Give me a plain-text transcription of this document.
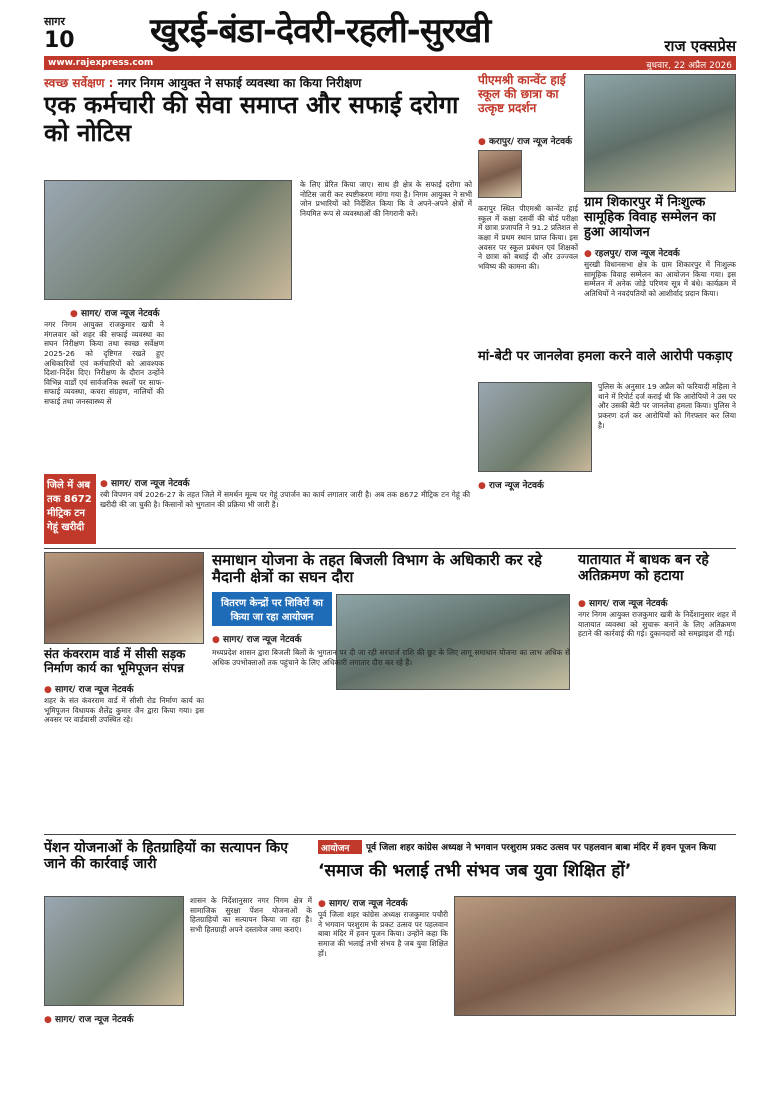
सागर
10 खुरई-बंडा-देवरी-रहली-सुरखी	राज एक्सप्रेस
बुधवार, 22 अप्रैल 2026
www.rajexpress.com
स्वच्छ सर्वेक्षण : नगर निगम आयुक्त ने सफाई व्यवस्था का किया निरीक्षण
एक कर्मचारी की सेवा समाप्त और सफाई दरोगा को नोटिस
● सागर/ राज न्यूज नेटवर्क
नगर निगम आयुक्त राजकुमार खत्री ने मंगलवार को शहर की सफाई व्यवस्था का सघन निरीक्षण किया तथा स्वच्छ सर्वेक्षण 2025-26 को दृष्टिगत रखते हुए अधिकारियों एवं कर्मचारियों को आवश्यक दिशा-निर्देश दिए। निरीक्षण के दौरान उन्होंने विभिन्न वार्डों एवं सार्वजनिक स्थलों पर साफ-सफाई व्यवस्था, कचरा संग्रहण, नालियों की सफाई तथा जनस्वास्थ्य से
के लिए प्रेरित किया जाए। साथ ही क्षेत्र के सफाई दरोगा को नोटिस जारी कर स्पष्टीकरण मांगा गया है। निगम आयुक्त ने सभी जोन प्रभारियों को निर्देशित किया कि वे अपने-अपने क्षेत्रों में नियमित रूप से व्यवस्थाओं की निगरानी करें।
पीएमश्री कान्वेंट हाई स्कूल की छात्रा का उत्कृष्ट प्रदर्शन
● करापुर/ राज न्यूज नेटवर्क
करापुर स्थित पीएमश्री कान्वेंट हाई स्कूल में कक्षा दसवीं की बोर्ड परीक्षा में छात्रा प्रजापति ने 91.2 प्रतिशत से कक्षा में प्रथम स्थान प्राप्त किया। इस अवसर पर स्कूल प्रबंधन एवं शिक्षकों ने छात्रा को बधाई दी और उज्ज्वल भविष्य की कामना की।
ग्राम शिकारपुर में निःशुल्क सामूहिक विवाह सम्मेलन का हुआ आयोजन
● रहलपुर/ राज न्यूज नेटवर्क
सुरखी विधानसभा क्षेत्र के ग्राम शिकारपुर में निःशुल्क सामूहिक विवाह सम्मेलन का आयोजन किया गया। इस सम्मेलन में अनेक जोड़े परिणय सूत्र में बंधे। कार्यक्रम में अतिथियों ने नवदंपतियों को आशीर्वाद प्रदान किया।
मां-बेटी पर जानलेवा हमला करने वाले आरोपी पकड़ाए
● राज न्यूज नेटवर्क
पुलिस के अनुसार 19 अप्रैल को फरियादी महिला ने थाने में रिपोर्ट दर्ज कराई थी कि आरोपियों ने उस पर और उसकी बेटी पर जानलेवा हमला किया। पुलिस ने प्रकरण दर्ज कर आरोपियों को गिरफ्तार कर लिया है।
जिले में अब तक 8672 मीट्रिक टन गेहूं खरीदी
● सागर/ राज न्यूज नेटवर्क
रबी विपणन वर्ष 2026-27 के तहत जिले में समर्थन मूल्य पर गेहूं उपार्जन का कार्य लगातार जारी है। अब तक 8672 मीट्रिक टन गेहूं की खरीदी की जा चुकी है। किसानों को भुगतान की प्रक्रिया भी जारी है।
संत कंवरराम वार्ड में सीसी सड़क निर्माण कार्य का भूमिपूजन संपन्न
● सागर/ राज न्यूज नेटवर्क
शहर के संत कंवरराम वार्ड में सीसी रोड निर्माण कार्य का भूमिपूजन विधायक शैलेंद्र कुमार जैन द्वारा किया गया। इस अवसर पर वार्डवासी उपस्थित रहे।
समाधान योजना के तहत बिजली विभाग के अधिकारी कर रहे मैदानी क्षेत्रों का सघन दौरा
वितरण केन्द्रों पर शिविरों का किया जा रहा आयोजन
● सागर/ राज न्यूज नेटवर्क
मध्यप्रदेश शासन द्वारा बिजली बिलों के भुगतान पर दी जा रही सरचार्ज राशि की छूट के लिए लागू समाधान योजना का लाभ अधिक से अधिक उपभोक्ताओं तक पहुंचाने के लिए अधिकारी लगातार दौरा कर रहे हैं।
यातायात में बाधक बन रहे अतिक्रमण को हटाया
● सागर/ राज न्यूज नेटवर्क
नगर निगम आयुक्त राजकुमार खत्री के निर्देशानुसार शहर में यातायात व्यवस्था को सुचारू बनाने के लिए अतिक्रमण हटाने की कार्रवाई की गई। दुकानदारों को समझाइश दी गई।
पेंशन योजनाओं के हितग्राहियों का सत्यापन किए जाने की कार्रवाई जारी
● सागर/ राज न्यूज नेटवर्क
शासन के निर्देशानुसार नगर निगम क्षेत्र में सामाजिक सुरक्षा पेंशन योजनाओं के हितग्राहियों का सत्यापन किया जा रहा है। सभी हितग्राही अपने दस्तावेज जमा कराएं।
आयोजन	पूर्व जिला शहर कांग्रेस अध्यक्ष ने भगवान परशुराम प्रकट उत्सव पर पहलवान बाबा मंदिर में हवन पूजन किया
‘समाज की भलाई तभी संभव जब युवा शिक्षित हों’
● सागर/ राज न्यूज नेटवर्क
पूर्व जिला शहर कांग्रेस अध्यक्ष राजकुमार पचौरी ने भगवान परशुराम के प्रकट उत्सव पर पहलवान बाबा मंदिर में हवन पूजन किया। उन्होंने कहा कि समाज की भलाई तभी संभव है जब युवा शिक्षित हों।
